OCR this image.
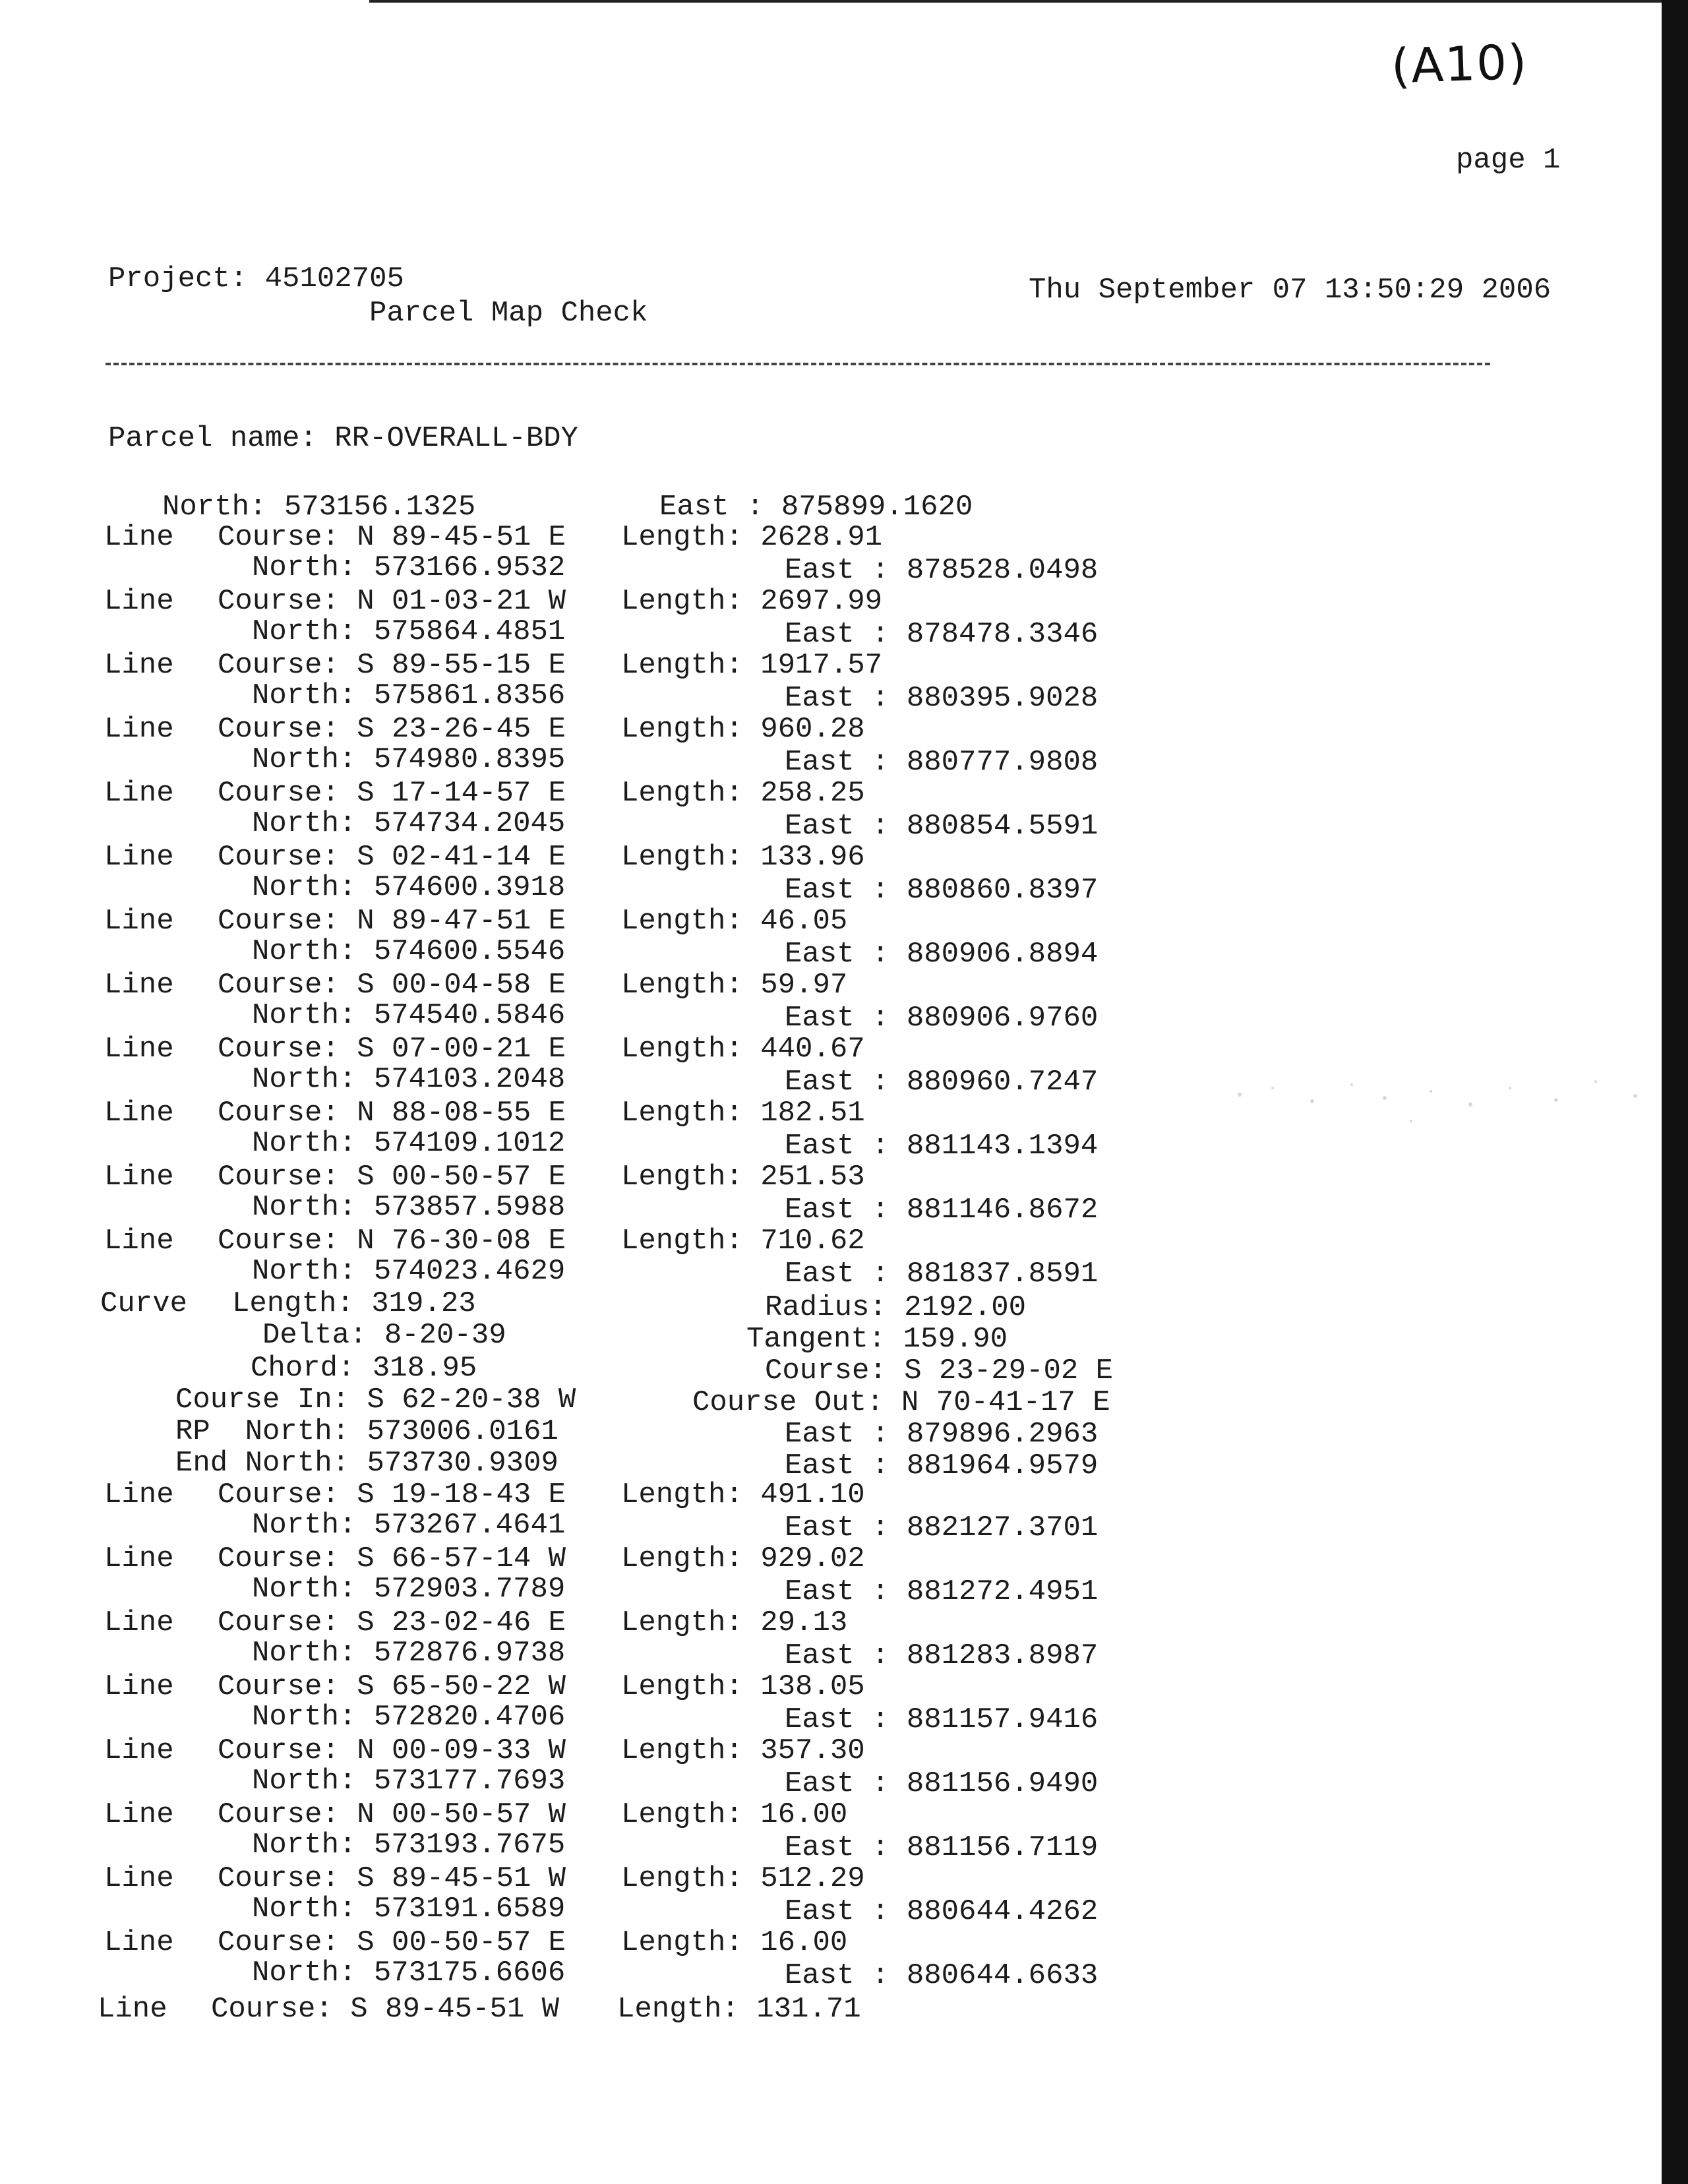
(A10)
page 1
Project: 45102705
Parcel Map Check
Thu September 07 13:50:29 2006
Parcel name: RR-OVERALL-BDY
North: 573156.1325	East : 875899.1620
Line Course: N 89-45-51 E Length: 2628.91
North: 573166.9532	East : 878528.0498
Line Course: N 01-03-21 W Length: 2697.99
North: 575864.4851	East : 878478.3346
Line Course: S 89-55-15 E Length: 1917.57
North: 575861.8356	East : 880395.9028
Line Course: S 23-26-45 E Length: 960.28
North: 574980.8395	East : 880777.9808
Line Course: S 17-14-57 E Length: 258.25
North: 574734.2045	East : 880854.5591
Line Course: S 02-41-14 E Length: 133.96
North: 574600.3918	East : 880860.8397
Line Course: N 89-47-51 E Length: 46.05
North: 574600.5546	East : 880906.8894
Line Course: S 00-04-58 E Length: 59.97
North: 574540.5846	East : 880906.9760
Line Course: S 07-00-21 E Length: 440.67
North: 574103.2048	East : 880960.7247
Line Course: N 88-08-55 E Length: 182.51
North: 574109.1012	East : 881143.1394
Line Course: S 00-50-57 E Length: 251.53
North: 573857.5988	East : 881146.8672
Line Course: N 76-30-08 E Length: 710.62
North: 574023.4629	East : 881837.8591
Curve Length: 319.23	Radius: 2192.00
Delta: 8-20-39	Tangent: 159.90
Chord: 318.95	Course: S 23-29-02 E
Course In: S 62-20-38 W	Course Out: N 70-41-17 E
RP  North: 573006.0161	East : 879896.2963
End North: 573730.9309	East : 881964.9579
Line Course: S 19-18-43 E Length: 491.10
North: 573267.4641	East : 882127.3701
Line Course: S 66-57-14 W Length: 929.02
North: 572903.7789	East : 881272.4951
Line Course: S 23-02-46 E Length: 29.13
North: 572876.9738	East : 881283.8987
Line Course: S 65-50-22 W Length: 138.05
North: 572820.4706	East : 881157.9416
Line Course: N 00-09-33 W Length: 357.30
North: 573177.7693	East : 881156.9490
Line Course: N 00-50-57 W Length: 16.00
North: 573193.7675	East : 881156.7119
Line Course: S 89-45-51 W Length: 512.29
North: 573191.6589	East : 880644.4262
Line Course: S 00-50-57 E Length: 16.00
North: 573175.6606	East : 880644.6633
Line Course: S 89-45-51 W Length: 131.71
